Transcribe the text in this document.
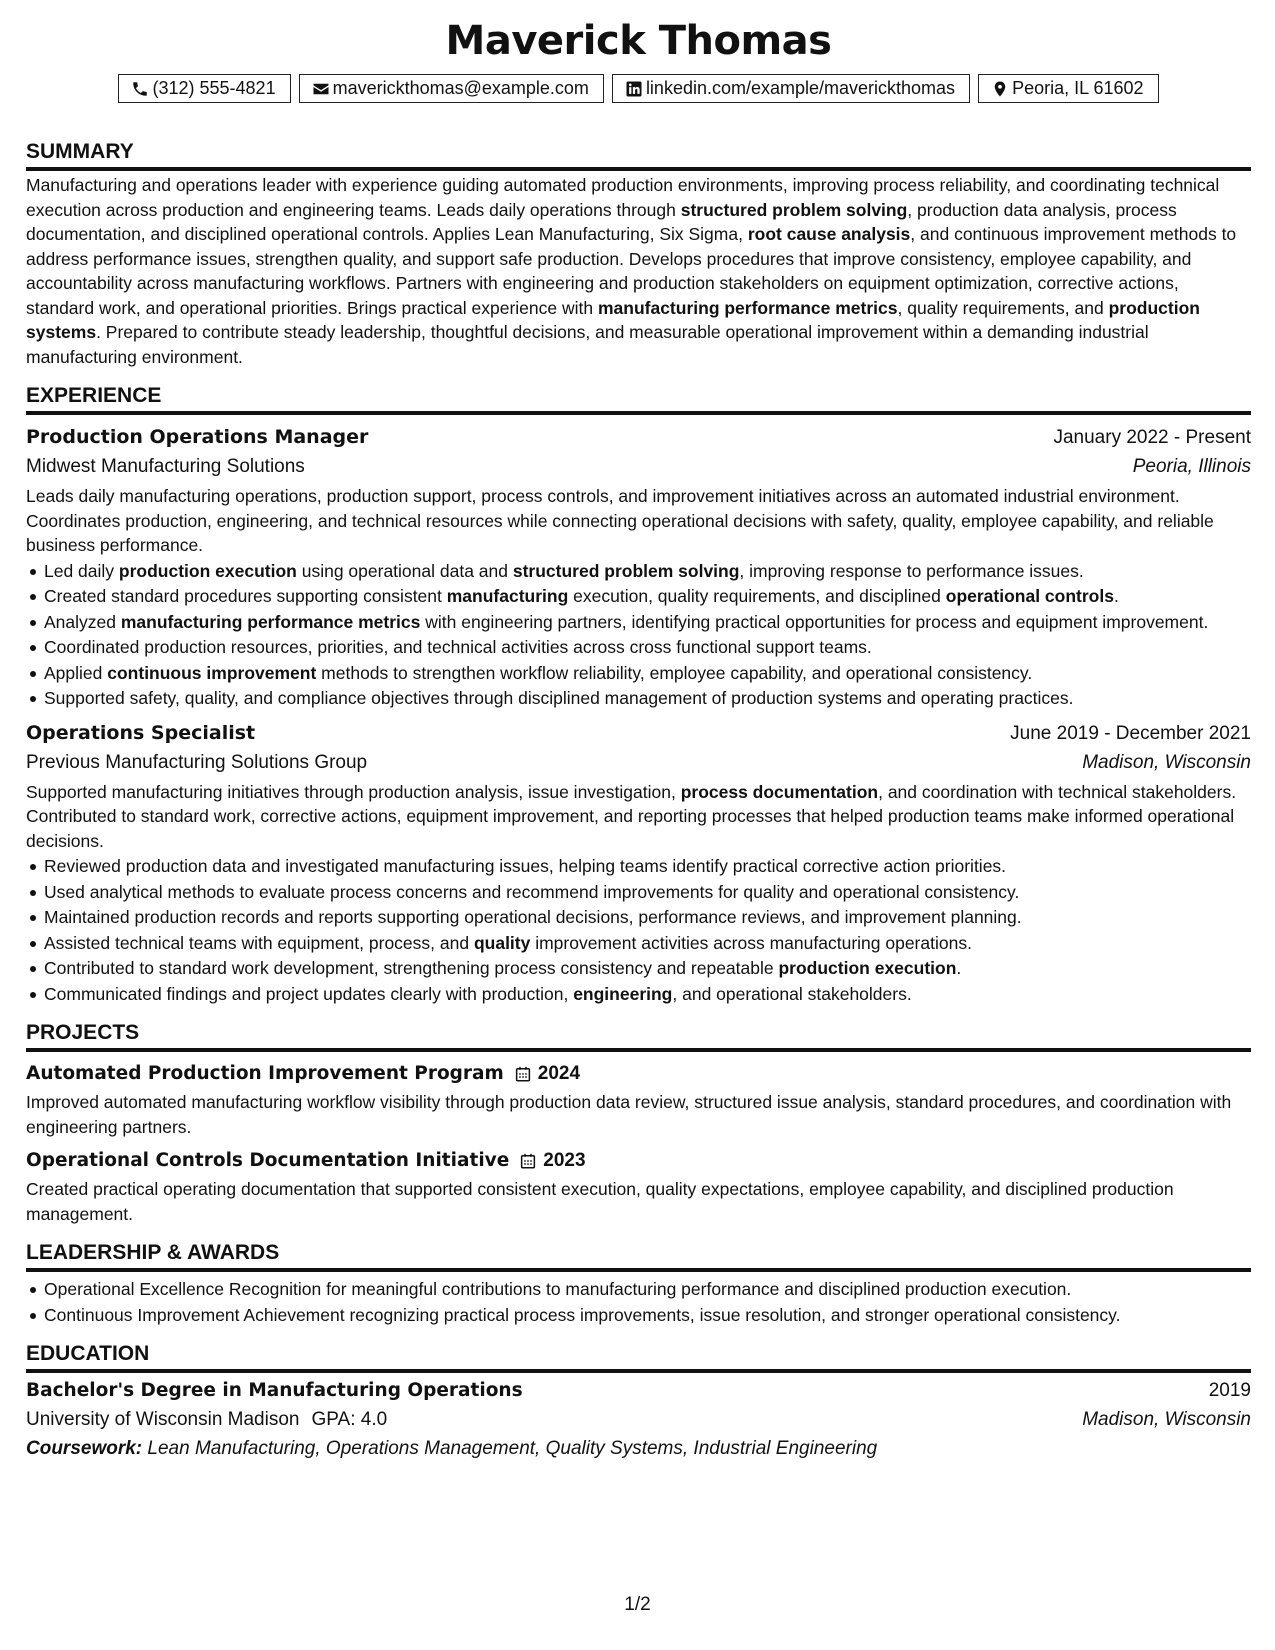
Maverick Thomas
(312) 555-4821	maverickthomas@example.com	linkedin.com/example/maverickthomas	Peoria, IL 61602
SUMMARY

Manufacturing and operations leader with experience guiding automated production environments, improving process reliability, and coordinating technical execution across production and engineering teams. Leads daily operations through structured problem solving, production data analysis, process documentation, and disciplined operational controls. Applies Lean Manufacturing, Six Sigma, root cause analysis, and continuous improvement methods to address performance issues, strengthen quality, and support safe production. Develops procedures that improve consistency, employee capability, and accountability across manufacturing workflows. Partners with engineering and production stakeholders on equipment optimization, corrective actions, standard work, and operational priorities. Brings practical experience with manufacturing performance metrics, quality requirements, and production systems. Prepared to contribute steady leadership, thoughtful decisions, and measurable operational improvement within a demanding industrial manufacturing environment.

EXPERIENCE
Production Operations Manager	January 2022 - Present
Midwest Manufacturing Solutions	Peoria, Illinois

Leads daily manufacturing operations, production support, process controls, and improvement initiatives across an automated industrial environment. Coordinates production, engineering, and technical resources while connecting operational decisions with safety, quality, employee capability, and reliable business performance.

Led daily production execution using operational data and structured problem solving, improving response to performance issues.
Created standard procedures supporting consistent manufacturing execution, quality requirements, and disciplined operational controls.
Analyzed manufacturing performance metrics with engineering partners, identifying practical opportunities for process and equipment improvement.
Coordinated production resources, priorities, and technical activities across cross functional support teams.
Applied continuous improvement methods to strengthen workflow reliability, employee capability, and operational consistency.
Supported safety, quality, and compliance objectives through disciplined management of production systems and operating practices.
Operations Specialist	June 2019 - December 2021
Previous Manufacturing Solutions Group	Madison, Wisconsin

Supported manufacturing initiatives through production analysis, issue investigation, process documentation, and coordination with technical stakeholders. Contributed to standard work, corrective actions, equipment improvement, and reporting processes that helped production teams make informed operational decisions.

Reviewed production data and investigated manufacturing issues, helping teams identify practical corrective action priorities.
Used analytical methods to evaluate process concerns and recommend improvements for quality and operational consistency.
Maintained production records and reports supporting operational decisions, performance reviews, and improvement planning.
Assisted technical teams with equipment, process, and quality improvement activities across manufacturing operations.
Contributed to standard work development, strengthening process consistency and repeatable production execution.
Communicated findings and project updates clearly with production, engineering, and operational stakeholders.
PROJECTS
Automated Production Improvement Program 2024

Improved automated manufacturing workflow visibility through production data review, structured issue analysis, standard procedures, and coordination with engineering partners.

Operational Controls Documentation Initiative 2023

Created practical operating documentation that supported consistent execution, quality expectations, employee capability, and disciplined production management.

LEADERSHIP & AWARDS
Operational Excellence Recognition for meaningful contributions to manufacturing performance and disciplined production execution.
Continuous Improvement Achievement recognizing practical process improvements, issue resolution, and stronger operational consistency.
EDUCATION
Bachelor's Degree in Manufacturing Operations	2019
University of Wisconsin Madison GPA: 4.0	Madison, Wisconsin
Coursework: Lean Manufacturing, Operations Management, Quality Systems, Industrial Engineering
1/2
